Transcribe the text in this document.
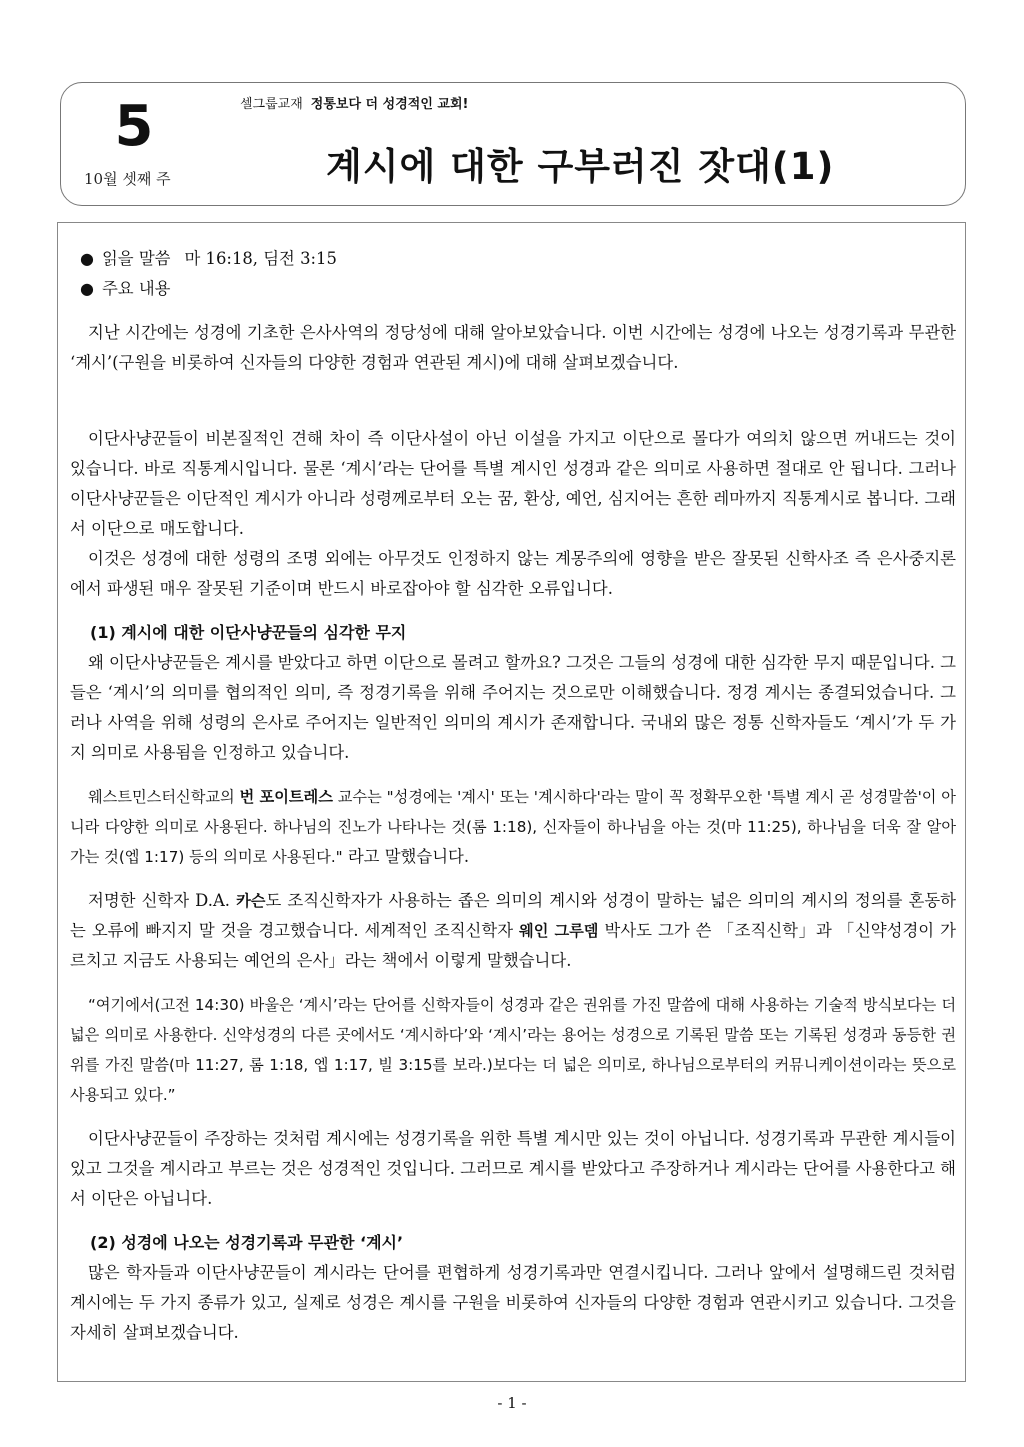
5
10월 셋째 주
셀그룹교재 정통보다 더 성경적인 교회!
계시에 대한 구부러진 잣대(1)

● 읽을 말씀 마 16:18, 딤전 3:15

● 주요 내용

지난 시간에는 성경에 기초한 은사사역의 정당성에 대해 알아보았습니다. 이번 시간에는 성경에 나오는 성경기록과 무관한 ‘계시’(구원을 비롯하여 신자들의 다양한 경험과 연관된 계시)에 대해 살펴보겠습니다.

이단사냥꾼들이 비본질적인 견해 차이 즉 이단사설이 아닌 이설을 가지고 이단으로 몰다가 여의치 않으면 꺼내드는 것이 있습니다. 바로 직통계시입니다. 물론 ‘계시’라는 단어를 특별 계시인 성경과 같은 의미로 사용하면 절대로 안 됩니다. 그러나 이단사냥꾼들은 이단적인 계시가 아니라 성령께로부터 오는 꿈, 환상, 예언, 심지어는 흔한 레마까지 직통계시로 봅니다. 그래서 이단으로 매도합니다.

이것은 성경에 대한 성령의 조명 외에는 아무것도 인정하지 않는 계몽주의에 영향을 받은 잘못된 신학사조 즉 은사중지론에서 파생된 매우 잘못된 기준이며 반드시 바로잡아야 할 심각한 오류입니다.

(1) 계시에 대한 이단사냥꾼들의 심각한 무지

왜 이단사냥꾼들은 계시를 받았다고 하면 이단으로 몰려고 할까요? 그것은 그들의 성경에 대한 심각한 무지 때문입니다. 그들은 ‘계시’의 의미를 협의적인 의미, 즉 정경기록을 위해 주어지는 것으로만 이해했습니다. 정경 계시는 종결되었습니다. 그러나 사역을 위해 성령의 은사로 주어지는 일반적인 의미의 계시가 존재합니다. 국내외 많은 정통 신학자들도 ‘계시’가 두 가지 의미로 사용됨을 인정하고 있습니다.

웨스트민스터신학교의 번 포이트레스 교수는 "성경에는 '계시' 또는 '계시하다'라는 말이 꼭 정확무오한 '특별 계시 곧 성경말씀'이 아니라 다양한 의미로 사용된다. 하나님의 진노가 나타나는 것(롬 1:18), 신자들이 하나님을 아는 것(마 11:25), 하나님을 더욱 잘 알아가는 것(엡 1:17) 등의 의미로 사용된다." 라고 말했습니다.

저명한 신학자 D.A. 카슨도 조직신학자가 사용하는 좁은 의미의 계시와 성경이 말하는 넓은 의미의 계시의 정의를 혼동하는 오류에 빠지지 말 것을 경고했습니다. 세계적인 조직신학자 웨인 그루뎀 박사도 그가 쓴 「조직신학」과 「신약성경이 가르치고 지금도 사용되는 예언의 은사」라는 책에서 이렇게 말했습니다.

“여기에서(고전 14:30) 바울은 ‘계시’라는 단어를 신학자들이 성경과 같은 권위를 가진 말씀에 대해 사용하는 기술적 방식보다는 더 넓은 의미로 사용한다. 신약성경의 다른 곳에서도 ‘계시하다’와 ‘계시’라는 용어는 성경으로 기록된 말씀 또는 기록된 성경과 동등한 권위를 가진 말씀(마 11:27, 롬 1:18, 엡 1:17, 빌 3:15를 보라.)보다는 더 넓은 의미로, 하나님으로부터의 커뮤니케이션이라는 뜻으로 사용되고 있다.”

이단사냥꾼들이 주장하는 것처럼 계시에는 성경기록을 위한 특별 계시만 있는 것이 아닙니다. 성경기록과 무관한 계시들이 있고 그것을 계시라고 부르는 것은 성경적인 것입니다. 그러므로 계시를 받았다고 주장하거나 계시라는 단어를 사용한다고 해서 이단은 아닙니다.

(2) 성경에 나오는 성경기록과 무관한 ‘계시’

많은 학자들과 이단사냥꾼들이 계시라는 단어를 편협하게 성경기록과만 연결시킵니다. 그러나 앞에서 설명해드린 것처럼 계시에는 두 가지 종류가 있고, 실제로 성경은 계시를 구원을 비롯하여 신자들의 다양한 경험과 연관시키고 있습니다. 그것을 자세히 살펴보겠습니다.

- 1 -
